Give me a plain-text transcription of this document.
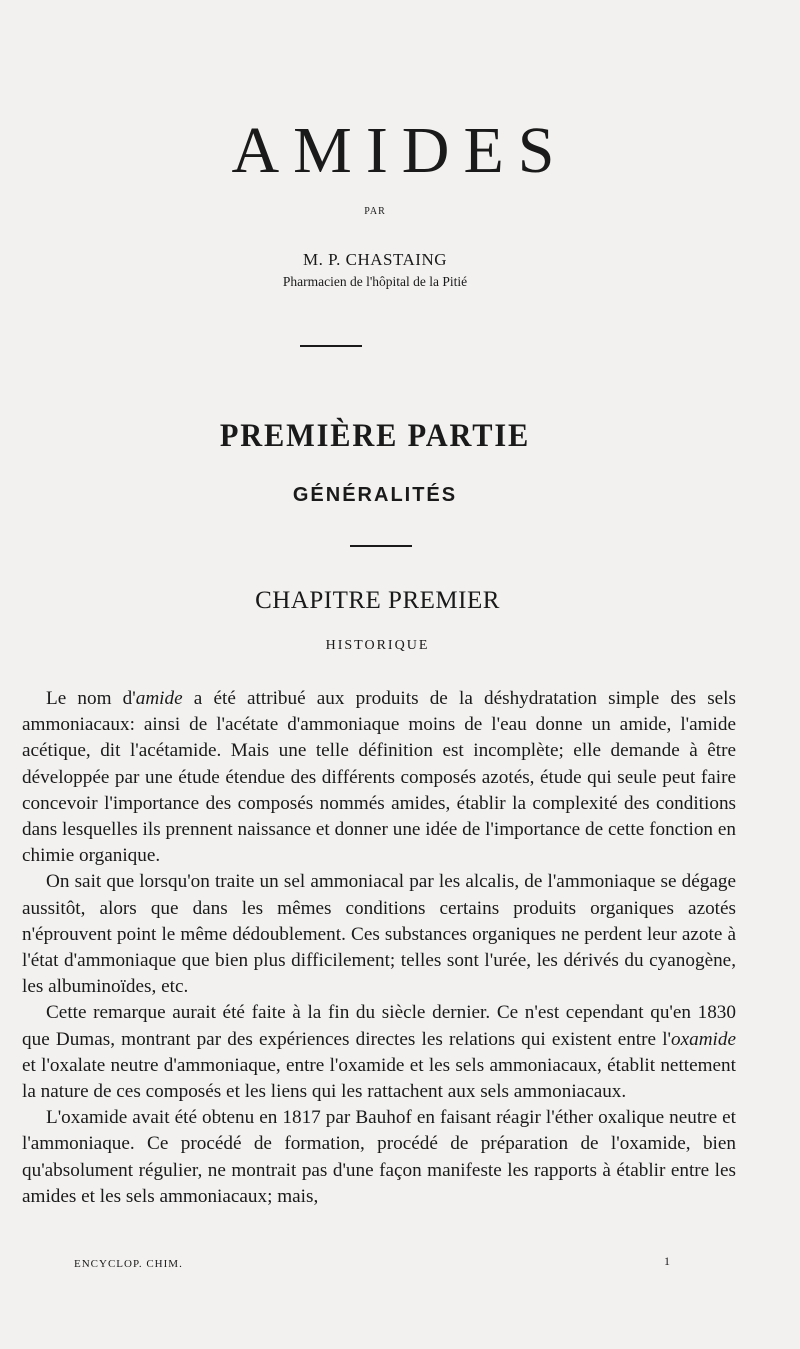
AMIDES
PAR
M. P. CHASTAING
Pharmacien de l'hôpital de la Pitié
PREMIÈRE PARTIE
GÉNÉRALITÉS
CHAPITRE PREMIER
HISTORIQUE

Le nom d'amide a été attribué aux produits de la déshydratation simple des sels ammoniacaux: ainsi de l'acétate d'ammoniaque moins de l'eau donne un amide, l'amide acétique, dit l'acétamide. Mais une telle définition est incomplète; elle demande à être développée par une étude étendue des différents composés azotés, étude qui seule peut faire concevoir l'importance des composés nommés amides, établir la complexité des conditions dans lesquelles ils prennent naissance et donner une idée de l'importance de cette fonction en chimie organique.

On sait que lorsqu'on traite un sel ammoniacal par les alcalis, de l'ammoniaque se dégage aussitôt, alors que dans les mêmes conditions certains produits organiques azotés n'éprouvent point le même dédoublement. Ces substances organiques ne perdent leur azote à l'état d'ammoniaque que bien plus difficilement; telles sont l'urée, les dérivés du cyanogène, les albuminoïdes, etc.

Cette remarque aurait été faite à la fin du siècle dernier. Ce n'est cependant qu'en 1830 que Dumas, montrant par des expériences directes les relations qui existent entre l'oxamide et l'oxalate neutre d'ammoniaque, entre l'oxamide et les sels ammoniacaux, établit nettement la nature de ces composés et les liens qui les rattachent aux sels ammoniacaux.

L'oxamide avait été obtenu en 1817 par Bauhof en faisant réagir l'éther oxalique neutre et l'ammoniaque. Ce procédé de formation, procédé de préparation de l'oxamide, bien qu'absolument régulier, ne montrait pas d'une façon manifeste les rapports à établir entre les amides et les sels ammoniacaux; mais,

ENCYCLOP. CHIM.	1
